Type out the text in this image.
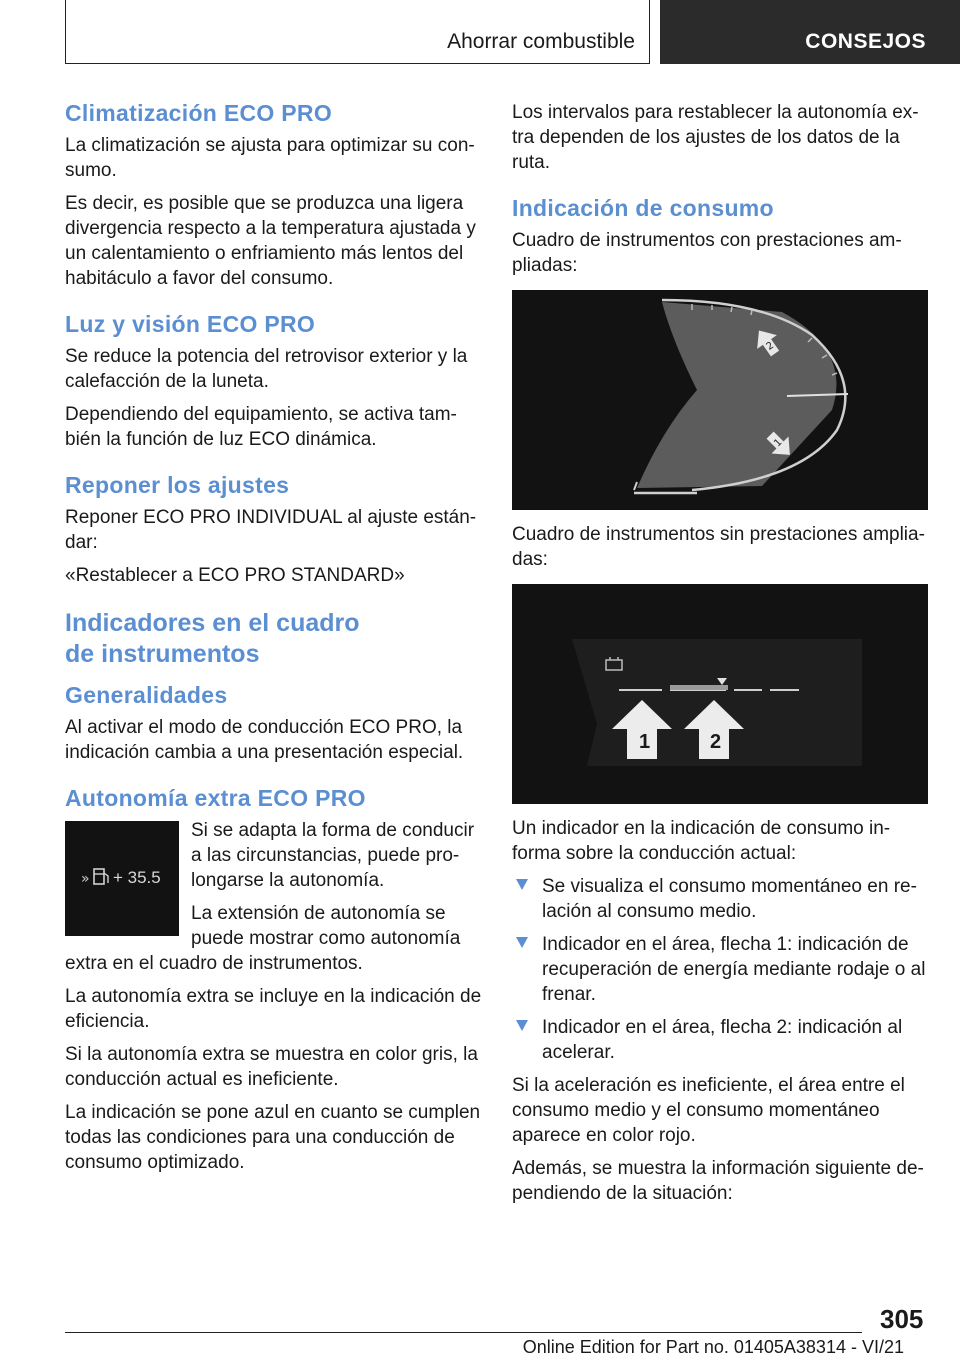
Ahorrar combustible	CONSEJOS
Climatización ECO PRO
La climatización se ajusta para optimizar su con-sumo.
Es decir, es posible que se produzca una ligera divergencia respecto a la temperatura ajustada y un calentamiento o enfriamiento más lentos del habitáculo a favor del consumo.
Luz y visión ECO PRO
Se reduce la potencia del retrovisor exterior y la calefacción de la luneta.
Dependiendo del equipamiento, se activa tam-bién la función de luz ECO dinámica.
Reponer los ajustes
Reponer ECO PRO INDIVIDUAL al ajuste están-dar:
«Restablecer a ECO PRO STANDARD»
Indicadores en el cuadro
de instrumentos
Generalidades
Al activar el modo de conducción ECO PRO, la indicación cambia a una presentación especial.
Autonomía extra ECO PRO
» + 35.5
Si se adapta la forma de conducir a las circunstancias, puede pro-longarse la autonomía.
La extensión de autonomía se puede mostrar como autonomía extra en el cuadro de instrumentos.
La autonomía extra se incluye en la indicación de eficiencia.
Si la autonomía extra se muestra en color gris, la conducción actual es ineficiente.
La indicación se pone azul en cuanto se cumplen todas las condiciones para una conducción de consumo optimizado.
Los intervalos para restablecer la autonomía ex-tra dependen de los ajustes de los datos de la ruta.
Indicación de consumo
Cuadro de instrumentos con prestaciones am-pliadas:
2
1
Cuadro de instrumentos sin prestaciones amplia-das:
1	2
Un indicador en la indicación de consumo in-forma sobre la conducción actual:
Se visualiza el consumo momentáneo en re-lación al consumo medio.
Indicador en el área, flecha 1: indicación de recuperación de energía mediante rodaje o al frenar.
Indicador en el área, flecha 2: indicación al acelerar.
Si la aceleración es ineficiente, el área entre el consumo medio y el consumo momentáneo aparece en color rojo.
Además, se muestra la información siguiente de-pendiendo de la situación:
305
Online Edition for Part no. 01405A38314 - VI/21
